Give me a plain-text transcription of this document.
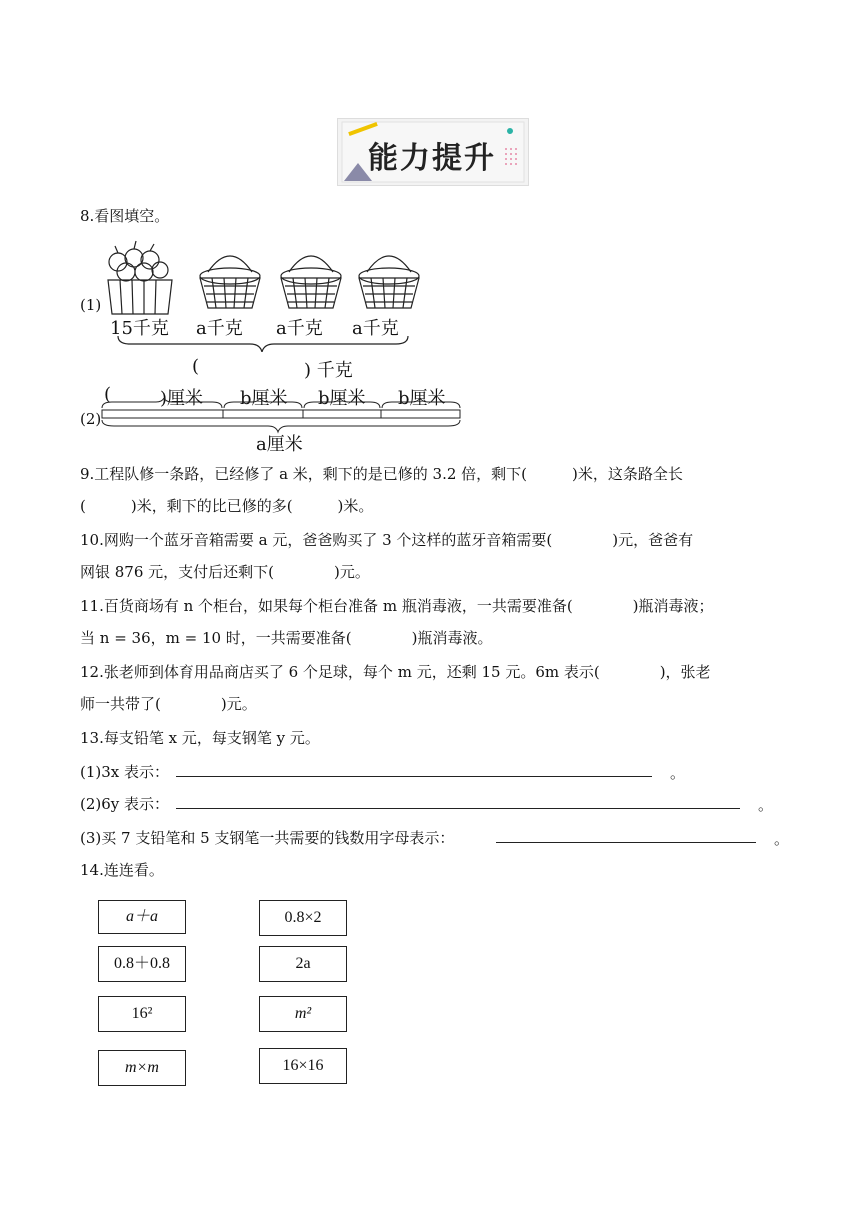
能力提升
8.看图填空。
(1)
15千克 a千克 a千克 a千克
(	) 千克
(	)厘米 b厘米 b厘米 b厘米
(2)
a厘米
9.工程队修一条路，已经修了 a 米，剩下的是已修的 3.2 倍，剩下(　　　)米，这条路全长
(　　　)米，剩下的比已修的多(　　　)米。
10.网购一个蓝牙音箱需要 a 元，爸爸购买了 3 个这样的蓝牙音箱需要(　　　　)元，爸爸有
网银 876 元，支付后还剩下(　　　　)元。
11.百货商场有 n 个柜台，如果每个柜台准备 m 瓶消毒液，一共需要准备(　　　　)瓶消毒液；
当 n = 36，m = 10 时，一共需要准备(　　　　)瓶消毒液。
12.张老师到体育用品商店买了 6 个足球，每个 m 元，还剩 15 元。6m 表示(　　　　)，张老
师一共带了(　　　　)元。
13.每支铅笔 x 元，每支钢笔 y 元。
(1)3x 表示：	。
(2)6y 表示：	。
(3)买 7 支铅笔和 5 支钢笔一共需要的钱数用字母表示：	。
14.连连看。
a＋a
0.8＋0.8
16²
m×m
0.8×2
2a
m²
16×16
